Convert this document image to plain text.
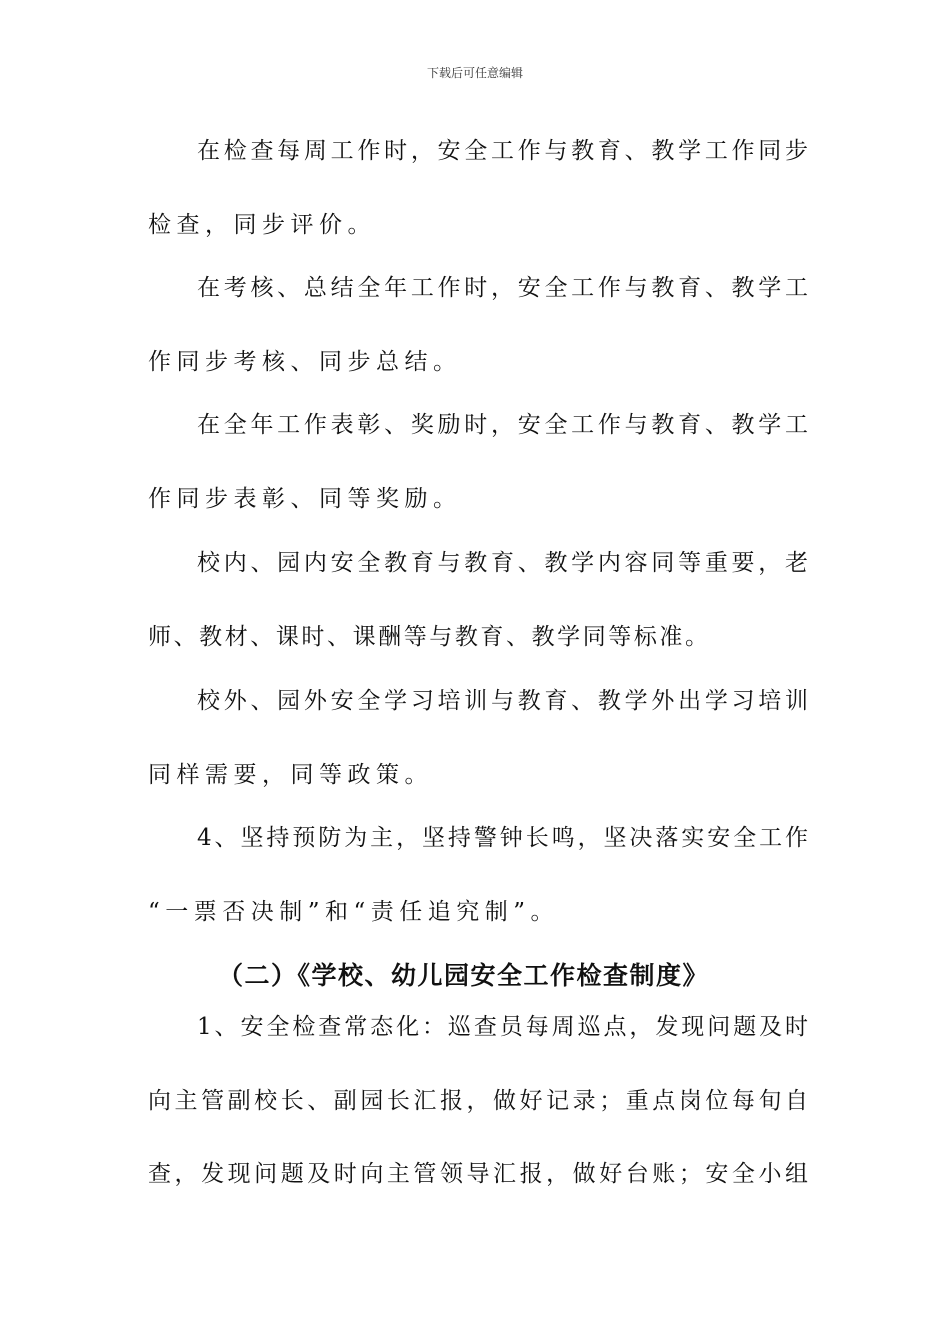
下载后可任意编辑
在检查每周工作时，安全工作与教育、教学工作同步
检查，同步评价。
在考核、总结全年工作时，安全工作与教育、教学工
作同步考核、同步总结。
在全年工作表彰、奖励时，安全工作与教育、教学工
作同步表彰、同等奖励。
校内、园内安全教育与教育、教学内容同等重要，老
师、教材、课时、课酬等与教育、教学同等标准。
校外、园外安全学习培训与教育、教学外出学习培训
同样需要，同等政策。
4、坚持预防为主，坚持警钟长鸣，坚决落实安全工作
“一票否决制”和“责任追究制”。
（二）《学校、幼儿园安全工作检查制度》
1、安全检查常态化：巡查员每周巡点，发现问题及时
向主管副校长、副园长汇报，做好记录；重点岗位每旬自
查，发现问题及时向主管领导汇报，做好台账；安全小组
